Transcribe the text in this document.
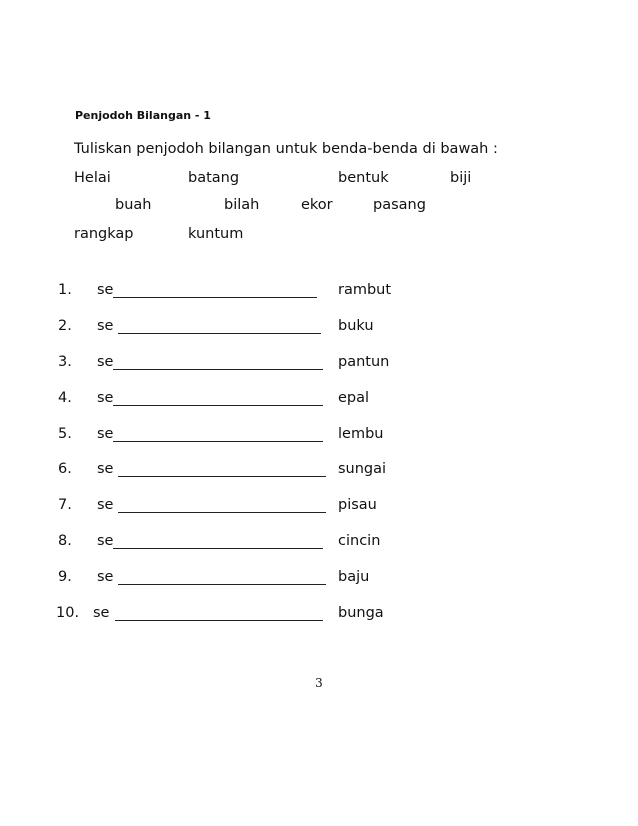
Penjodoh Bilangan - 1
Tuliskan penjodoh bilangan untuk benda-benda di bawah :
Helai	batang	bentuk	biji
buah	bilah	ekor	pasang
rangkap	kuntum
1. se	rambut
2. se	buku
3. se	pantun
4. se	epal
5. se	lembu
6. se	sungai
7. se	pisau
8. se	cincin
9. se	baju
10. se	bunga
3
